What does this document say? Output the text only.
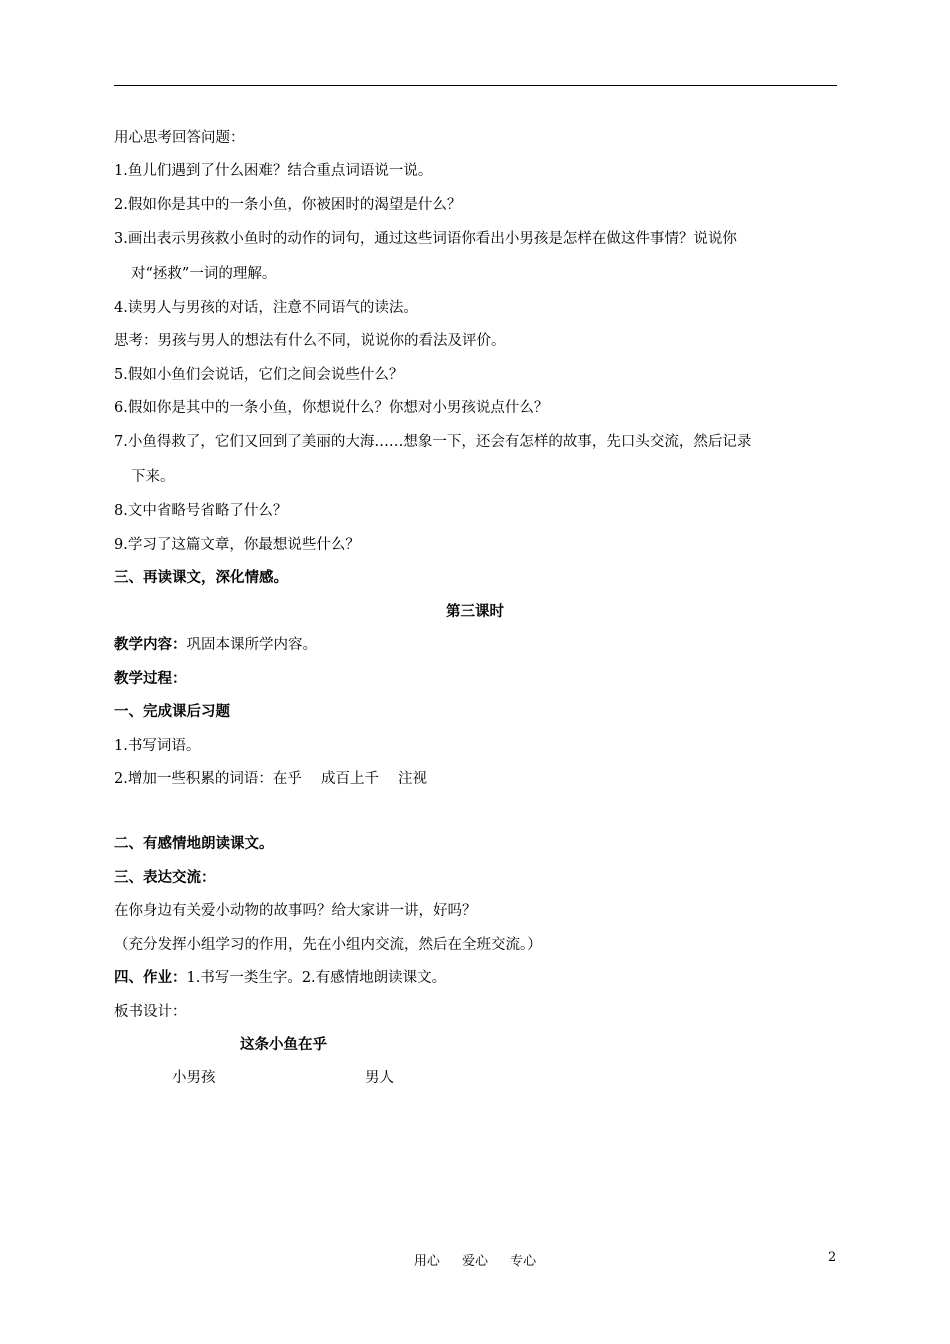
用心思考回答问题：
1.鱼儿们遇到了什么困难？结合重点词语说一说。
2.假如你是其中的一条小鱼，你被困时的渴望是什么？
3.画出表示男孩救小鱼时的动作的词句，通过这些词语你看出小男孩是怎样在做这件事情？说说你
对“拯救”一词的理解。
4.读男人与男孩的对话，注意不同语气的读法。
思考：男孩与男人的想法有什么不同，说说你的看法及评价。
5.假如小鱼们会说话，它们之间会说些什么？
6.假如你是其中的一条小鱼，你想说什么？你想对小男孩说点什么？
7.小鱼得救了，它们又回到了美丽的大海……想象一下，还会有怎样的故事，先口头交流，然后记录
下来。
8.文中省略号省略了什么？
9.学习了这篇文章，你最想说些什么？
三、再读课文，深化情感。
第三课时
教学内容：巩固本课所学内容。
教学过程：
一、完成课后习题
1.书写词语。
2.增加一些积累的词语：在乎　 成百上千　 注视
二、有感情地朗读课文。
三、表达交流：
在你身边有关爱小动物的故事吗？给大家讲一讲，好吗？
（充分发挥小组学习的作用，先在小组内交流，然后在全班交流。）
四、作业：1.书写一类生字。2.有感情地朗读课文。
板书设计：
这条小鱼在乎
小男孩	男人
用心 爱心 专心	2
